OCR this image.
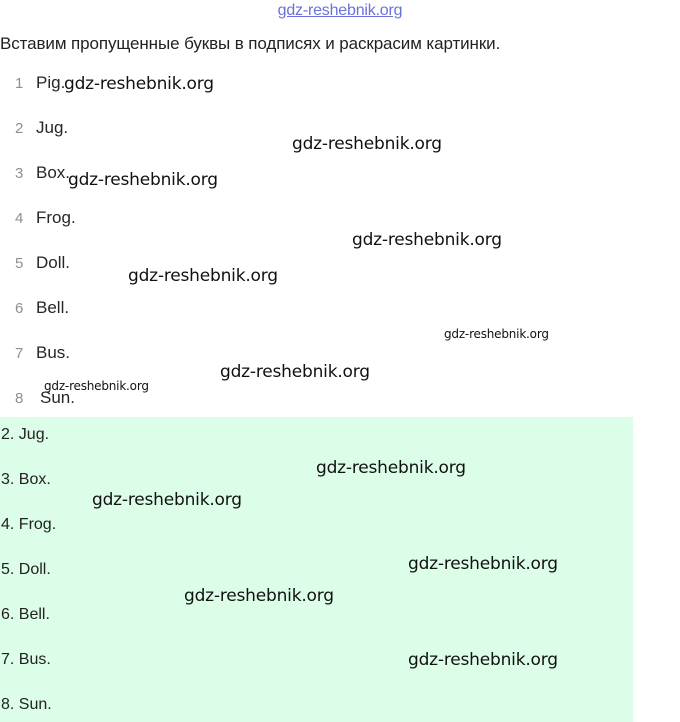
gdz-reshebnik.org
Вставим пропущенные буквы в подписях и раскрасим картинки.
1 Pig.
2 Jug.
3 Box.
4 Frog.
5 Doll.
6 Bell.
7 Bus.
8 Sun.
2. Jug.
3. Box.
4. Frog.
5. Doll.
6. Bell.
7. Bus.
8. Sun.
gdz-reshebnik.org
gdz-reshebnik.org
gdz-reshebnik.org
gdz-reshebnik.org
gdz-reshebnik.org
gdz-reshebnik.org
gdz-reshebnik.org
gdz-reshebnik.org
gdz-reshebnik.org
gdz-reshebnik.org
gdz-reshebnik.org
gdz-reshebnik.org
gdz-reshebnik.org
